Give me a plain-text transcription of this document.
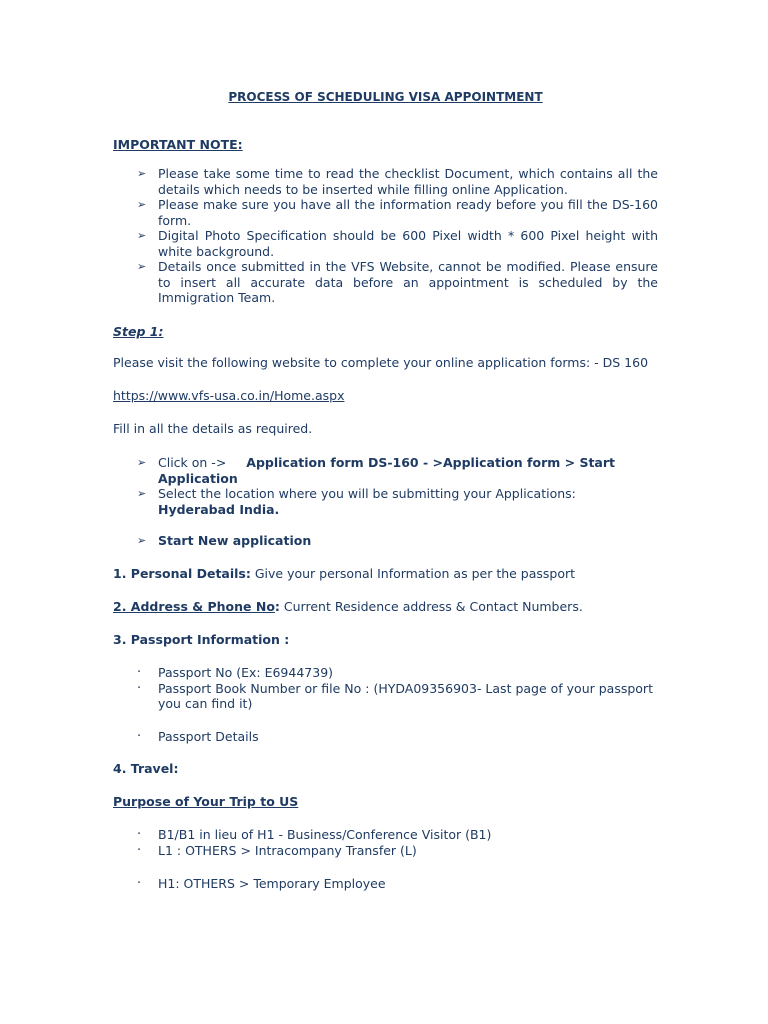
PROCESS OF SCHEDULING VISA APPOINTMENT
IMPORTANT NOTE:
➢ Please take some time to read the checklist Document, which contains all the details which needs to be inserted while filling online Application.
➢ Please make sure you have all the information ready before you fill the DS-160 form.
➢ Digital Photo Specification should be 600 Pixel width * 600 Pixel height with white background.
➢ Details once submitted in the VFS Website, cannot be modified. Please ensure to insert all accurate data before an appointment is scheduled by the Immigration Team.
Step 1:
Please visit the following website to complete your online application forms: - DS 160
https://www.vfs-usa.co.in/Home.aspx
Fill in all the details as required.
➢ Click on -> Application form DS-160 - >Application form > Start Application
➢ Select the location where you will be submitting your Applications:
Hyderabad India.
➢ Start New application
1. Personal Details: Give your personal Information as per the passport
2. Address & Phone No: Current Residence address & Contact Numbers.
3. Passport Information :
· Passport No (Ex: E6944739)
· Passport Book Number or file No : (HYDA09356903- Last page of your passport you can find it)
· Passport Details
4. Travel:
Purpose of Your Trip to US
· B1/B1 in lieu of H1 - Business/Conference Visitor (B1)
· L1 : OTHERS > Intracompany Transfer (L)
· H1: OTHERS > Temporary Employee
